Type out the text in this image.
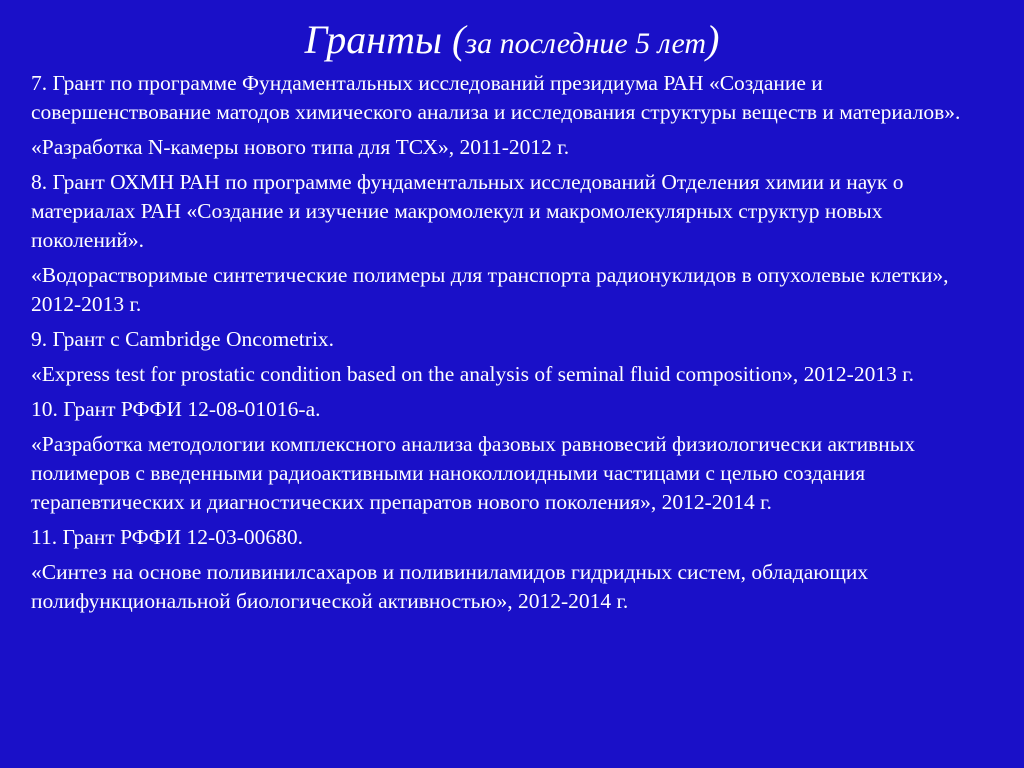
Гранты (за последние 5 лет)

7. Грант по программе Фундаментальных исследований президиума РАН «Создание и совершенствование матодов химического анализа и исследования структуры веществ и материалов».

«Разработка N-камеры нового типа для ТСХ», 2011-2012 г.

8. Грант ОХМН РАН по программе фундаментальных исследований Отделения химии и наук о материалах РАН «Создание и изучение макромолекул и макромолекулярных структур новых поколений».

«Водорастворимые синтетические полимеры для транспорта радионуклидов в опухолевые клетки», 2012-2013 г.

9. Грант с Cambridge Oncometrix.

«Express test for prostatic condition based on the analysis of seminal fluid composition», 2012-2013 г.

10. Грант РФФИ 12-08-01016-а.

«Разработка методологии комплексного анализа фазовых равновесий физиологически активных полимеров с введенными радиоактивными наноколлоидными частицами с целью создания терапевтических и диагностических препаратов нового поколения», 2012-2014 г.

11. Грант РФФИ 12-03-00680.

«Синтез на основе поливинилсахаров и поливиниламидов гидридных систем, обладающих полифункциональной биологической активностью», 2012-2014 г.
